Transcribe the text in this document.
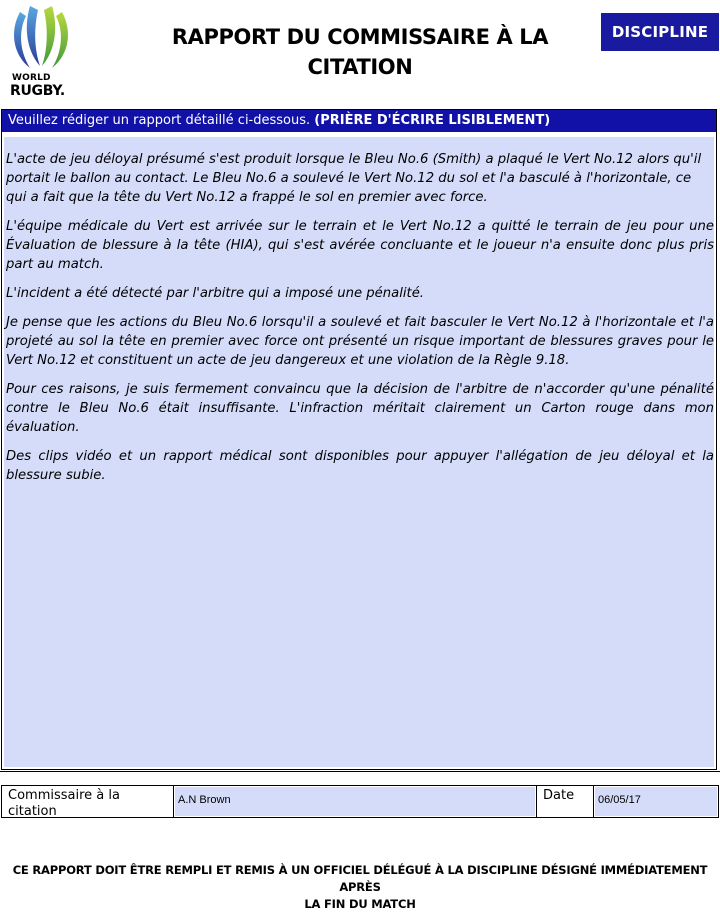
WORLD
RUGBY.
RAPPORT DU COMMISSAIRE À LA
CITATION
DISCIPLINE
Veuillez rédiger un rapport détaillé ci-dessous. (PRIÈRE D'ÉCRIRE LISIBLEMENT)

L'acte de jeu déloyal présumé s'est produit lorsque le Bleu No.6 (Smith) a plaqué le Vert No.12 alors qu'il portait le ballon au contact. Le Bleu No.6 a soulevé le Vert No.12 du sol et l'a basculé à l'horizontale, ce qui a fait que la tête du Vert No.12 a frappé le sol en premier avec force.

L'équipe médicale du Vert est arrivée sur le terrain et le Vert No.12 a quitté le terrain de jeu pour une Évaluation de blessure à la tête (HIA), qui s'est avérée concluante et le joueur n'a ensuite donc plus pris part au match.

L'incident a été détecté par l'arbitre qui a imposé une pénalité.

Je pense que les actions du Bleu No.6 lorsqu'il a soulevé et fait basculer le Vert No.12 à l'horizontale et l'a projeté au sol la tête en premier avec force ont présenté un risque important de blessures graves pour le Vert No.12 et constituent un acte de jeu dangereux et une violation de la Règle 9.18.

Pour ces raisons, je suis fermement convaincu que la décision de l'arbitre de n'accorder qu'une pénalité contre le Bleu No.6 était insuffisante. L'infraction méritait clairement un Carton rouge dans mon évaluation.

Des clips vidéo et un rapport médical sont disponibles pour appuyer l'allégation de jeu déloyal et la blessure subie.

Commissaire à la citation
A.N Brown	Date	06/05/17
CE RAPPORT DOIT ÊTRE REMPLI ET REMIS À UN OFFICIEL DÉLÉGUÉ À LA DISCIPLINE DÉSIGNÉ IMMÉDIATEMENT APRÈS
LA FIN DU MATCH
